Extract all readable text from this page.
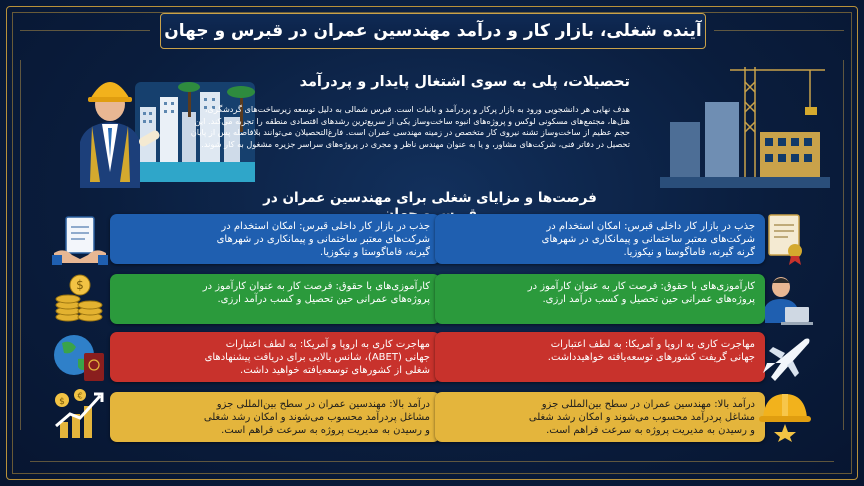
آینده شغلی، بازار کار و درآمد مهندسین عمران در قبرس و جهان
تحصیلات، پلی به سوی اشتغال پایدار و پردرآمد
هدف نهایی هر دانشجویی ورود به بازار پرکار و پردرآمد و بانبات است. قبرس شمالی به دلیل توسعه زیرساخت‌های گردشگری، هتل‌ها، مجتمع‌های مسکونی لوکس و پروژه‌های انبوه ساخت‌وساز یکی از سریع‌ترین رشدهای اقتصادی منطقه را تجربه می‌کند. این حجم عظیم از ساخت‌وساز تشنه نیروی کار متخصص در زمینه مهندسی عمران است. فارغ‌التحصیلان می‌توانند بلافاصله پس از پایان تحصیل در دفاتر فنی، شرکت‌های مشاور، و یا به عنوان مهندس ناظر و مجری در پروژه‌های سراسر جزیره مشغول به کار شوند.
فرصت‌ها و مزایای شغلی برای مهندسین عمران در
جذب در بازار کار داخلی قبرس: امکان استخدام در شرکت‌های معتبر ساختمانی و پیمانکاری در شهرهای گیرنه، فاماگوستا و نیکوزیا.
کارآموزی‌های با حقوق: فرصت کار به عنوان کارآموز در پروژه‌های عمرانی حین تحصیل و کسب درآمد ارزی.
$
مهاجرت کاری به اروپا و آمریکا: به لطف اعتبارات جهانی (ABET)، شانس بالایی برای دریافت پیشنهادهای شغلی از کشورهای توسعه‌یافته خواهید داشت.
درآمد بالا: مهندسین عمران در سطح بین‌المللی جزو مشاغل پردرآمد محسوب می‌شوند و امکان رشد شغلی و رسیدن به مدیریت پروژه به سرعت فراهم است.
$
€
جذب در بازار کار داخلی قبرس: امکان استخدام در شرکت‌های معتبر ساختمانی و پیمانکاری در شهرهای گرنه گیرنه، فاماگوستا و نیکوزیا.
کارآموزی‌های با حقوق: فرصت کار به عنوان کارآموز در پروژه‌های عمرانی حین تحصیل و کسب درآمد ارزی.
مهاجرت کاری به اروپا و آمریکا: به لطف اعتبارات جهانی گریفت کشورهای توسعه‌یافته خواهیدداشت.
درآمد بالا: مهندسین عمران در سطح بین‌المللی جزو مشاغل پردرآمد محسوب می‌شوند و امکان رشد شغلی و رسیدن به مدیریت پروژه به سرعت فراهم است.
